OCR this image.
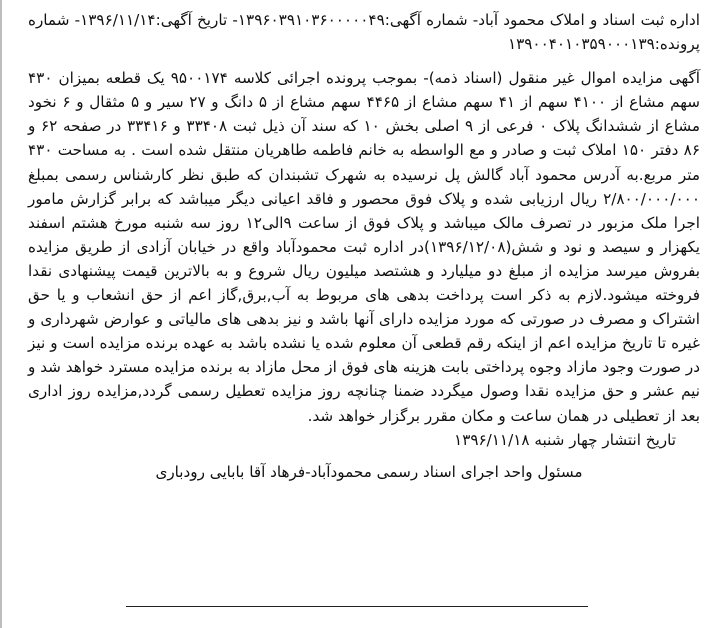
اداره ثبت اسناد و املاک محمود آباد- شماره آگهی:۱۳۹۶۰۳۹۱۰۳۶۰۰۰۰۰۴۹- تاریخ آگهی:۱۳۹۶/۱۱/۱۴- شماره پرونده:۱۳۹۰۰۴۰۱۰۳۵۹۰۰۰۱۳۹

آگهی مزایده اموال غیر منقول (اسناد ذمه)- بموجب پرونده اجرائی کلاسه ۹۵۰۰۱۷۴ یک قطعه بمیزان ۴۳۰ سهم مشاع از ۴۱۰۰ سهم از ۴۱ سهم مشاع از ۴۴۶۵ سهم مشاع از ۵ دانگ و ۲۷ سیر و ۵ مثقال و ۶ نخود مشاع از ششدانگ پلاک ۰ فرعی از ۹ اصلی بخش ۱۰ که سند آن ذیل ثبت ۳۳۴۰۸ و ۳۳۴۱۶ در صفحه ۶۲ و ۸۶ دفتر ۱۵۰ املاک ثبت و صادر و مع الواسطه به خانم فاطمه طاهریان منتقل شده است . به مساحت ۴۳۰ متر مربع.به آدرس محمود آباد گالش پل نرسیده به شهرک تشبندان که طبق نظر کارشناس رسمی بمبلغ ۲/۸۰۰/۰۰۰/۰۰۰ ریال ارزیابی شده و پلاک فوق محصور و فاقد اعیانی دیگر میباشد که برابر گزارش مامور اجرا ملک مزبور در تصرف مالک میباشد و پلاک فوق از ساعت ۹الی۱۲ روز سه شنبه مورخ هشتم اسفند یکهزار و سیصد و نود و شش(۱۳۹۶/۱۲/۰۸)در اداره ثبت محمودآباد واقع در خیابان آزادی از طریق مزایده بفروش میرسد مزایده از مبلغ دو میلیارد و هشتصد میلیون ریال شروع و به بالاترین قیمت پیشنهادی نقدا فروخته میشود.لازم به ذکر است پرداخت بدهی های مربوط به آب,برق,گاز اعم از حق انشعاب و یا حق اشتراک و مصرف در صورتی که مورد مزایده دارای آنها باشد و نیز بدهی های مالیاتی و عوارض شهرداری و غیره تا تاریخ مزایده اعم از اینکه رقم قطعی آن معلوم شده یا نشده باشد به عهده برنده مزایده است و نیز در صورت وجود مازاد وجوه پرداختی بابت هزینه های فوق از محل مازاد به برنده مزایده مسترد خواهد شد و نیم عشر و حق مزایده نقدا وصول میگردد ضمنا چنانچه روز مزایده تعطیل رسمی گردد,مزایده روز اداری بعد از تعطیلی در همان ساعت و مکان مقرر برگزار خواهد شد.

تاریخ انتشار چهار شنبه ۱۳۹۶/۱۱/۱۸

مسئول واحد اجرای اسناد رسمی محمودآباد-فرهاد آقا بابایی رودباری
